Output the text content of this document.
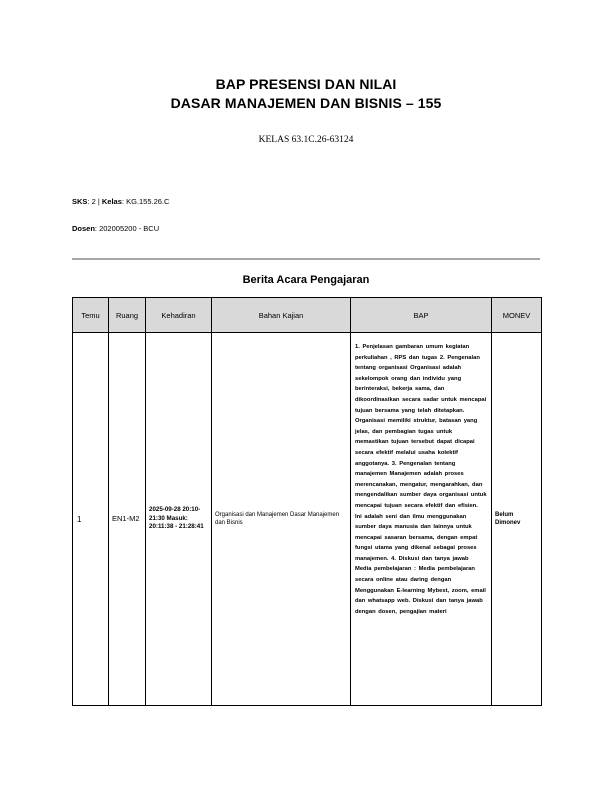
BAP PRESENSI DAN NILAI
DASAR MANAJEMEN DAN BISNIS – 155
KELAS 63.1C.26-63124
SKS: 2 | Kelas: KG.155.26.C
Dosen: 202005200 - BCU
Berita Acara Pengajaran
Temu	Ruang	Kehadiran	Bahan Kajian	BAP	MONEV
1	EN1-M2	2025-09-28 20:10-21:30 Masuk: 20:11:38 - 21:28:41	Organisasi dan Manajemen Dasar Manajemen dan Bisnis	1. Penjelasan gambaran umum kegiatan perkuliahan , RPS dan tugas 2. Pengenalan tentang organisasi Organisasi adalah sekelompok orang dan individu yang berinteraksi, bekerja sama, dan dikoordinasikan secara sadar untuk mencapai tujuan bersama yang telah ditetapkan. Organisasi memiliki struktur, batasan yang jelas, dan pembagian tugas untuk memastikan tujuan tersebut dapat dicapai secara efektif melalui usaha kolektif anggotanya. 3. Pengenalan tentang manajemen Manajemen adalah proses merencanakan, mengatur, mengarahkan, dan mengendalikan sumber daya organisasi untuk mencapai tujuan secara efektif dan efisien. Ini adalah seni dan ilmu menggunakan sumber daya manusia dan lainnya untuk mencapai sasaran bersama, dengan empat fungsi utama yang dikenal sebagai proses manajemen. 4. Diskusi dan tanya jawab Media pembelajaran : Media pembelajaran secara online atau daring dengan Menggunakan E-learning Mybest, zoom, email dan whatsapp web. Diskusi dan tanya jawab dengan dosen, pengajian materi	Belum Dimonev
